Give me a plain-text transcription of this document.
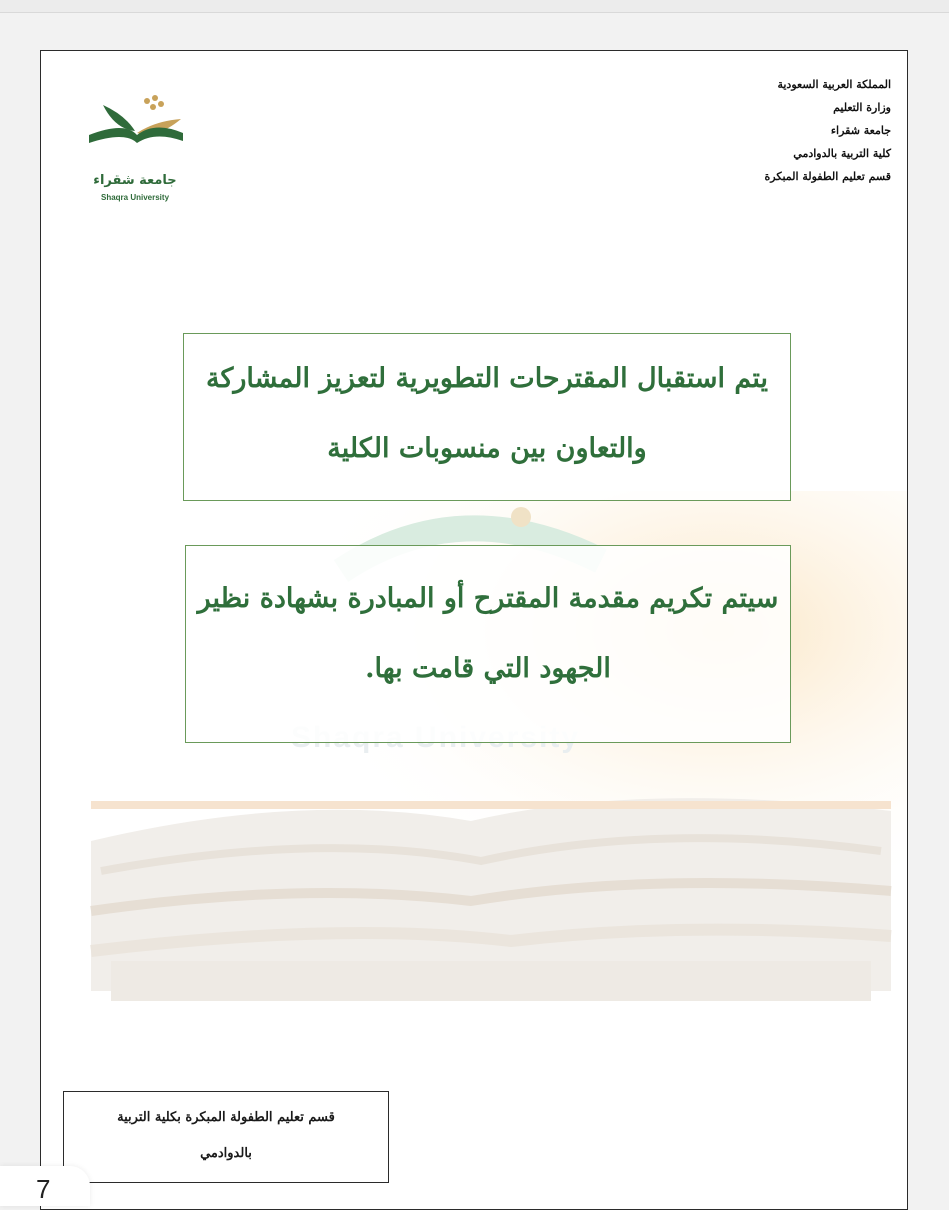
المملكة العربية السعودية
وزارة التعليم
جامعة شقراء
كلية التربية بالدوادمي
قسم تعليم الطفولة المبكرة
جامعة شقراء
Shaqra University
يتم استقبال المقترحات التطويرية لتعزيز المشاركة
والتعاون بين منسوبات الكلية
سيتم تكريم مقدمة المقترح أو المبادرة بشهادة نظير
الجهود التي قامت بها.
قسم تعليم الطفولة المبكرة بكلية التربية
بالدوادمي
7
